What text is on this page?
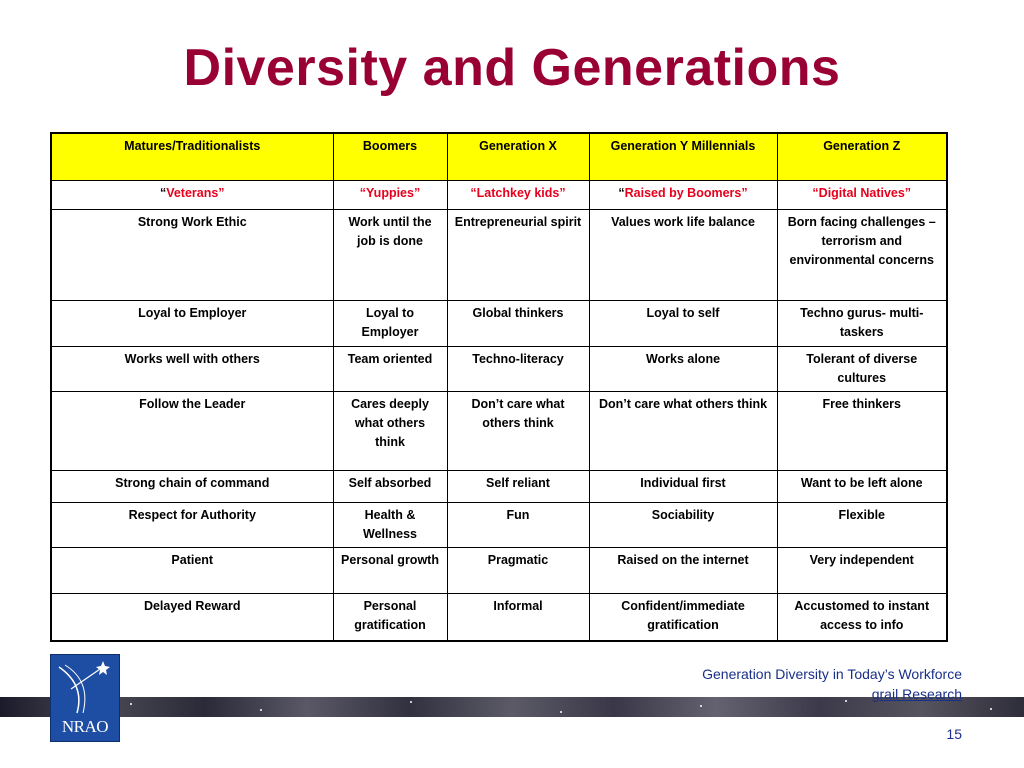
Diversity and Generations
Matures/Traditionalists	Boomers	Generation X	Generation Y Millennials	Generation Z
“Veterans”	“Yuppies”	“Latchkey kids”	“Raised by Boomers”	“Digital Natives”
Strong Work Ethic	Work until the job is done	Entrepreneurial spirit	Values work life balance	Born facing challenges – terrorism and environmental concerns
Loyal to Employer	Loyal to Employer	Global thinkers	Loyal to self	Techno gurus- multi-taskers
Works well with others	Team oriented	Techno-literacy	Works alone	Tolerant of diverse cultures
Follow the Leader	Cares deeply what others think	Don’t care what others think	Don’t care what others think	Free thinkers
Strong chain of command	Self absorbed	Self reliant	Individual first	Want to be left alone
Respect for Authority	Health & Wellness	Fun	Sociability	Flexible
Patient	Personal growth	Pragmatic	Raised on the internet	Very independent
Delayed Reward	Personal gratification	Informal	Confident/immediate gratification	Accustomed to instant access to info
NRAO
Generation Diversity in Today’s Workforce
grail Research
15
